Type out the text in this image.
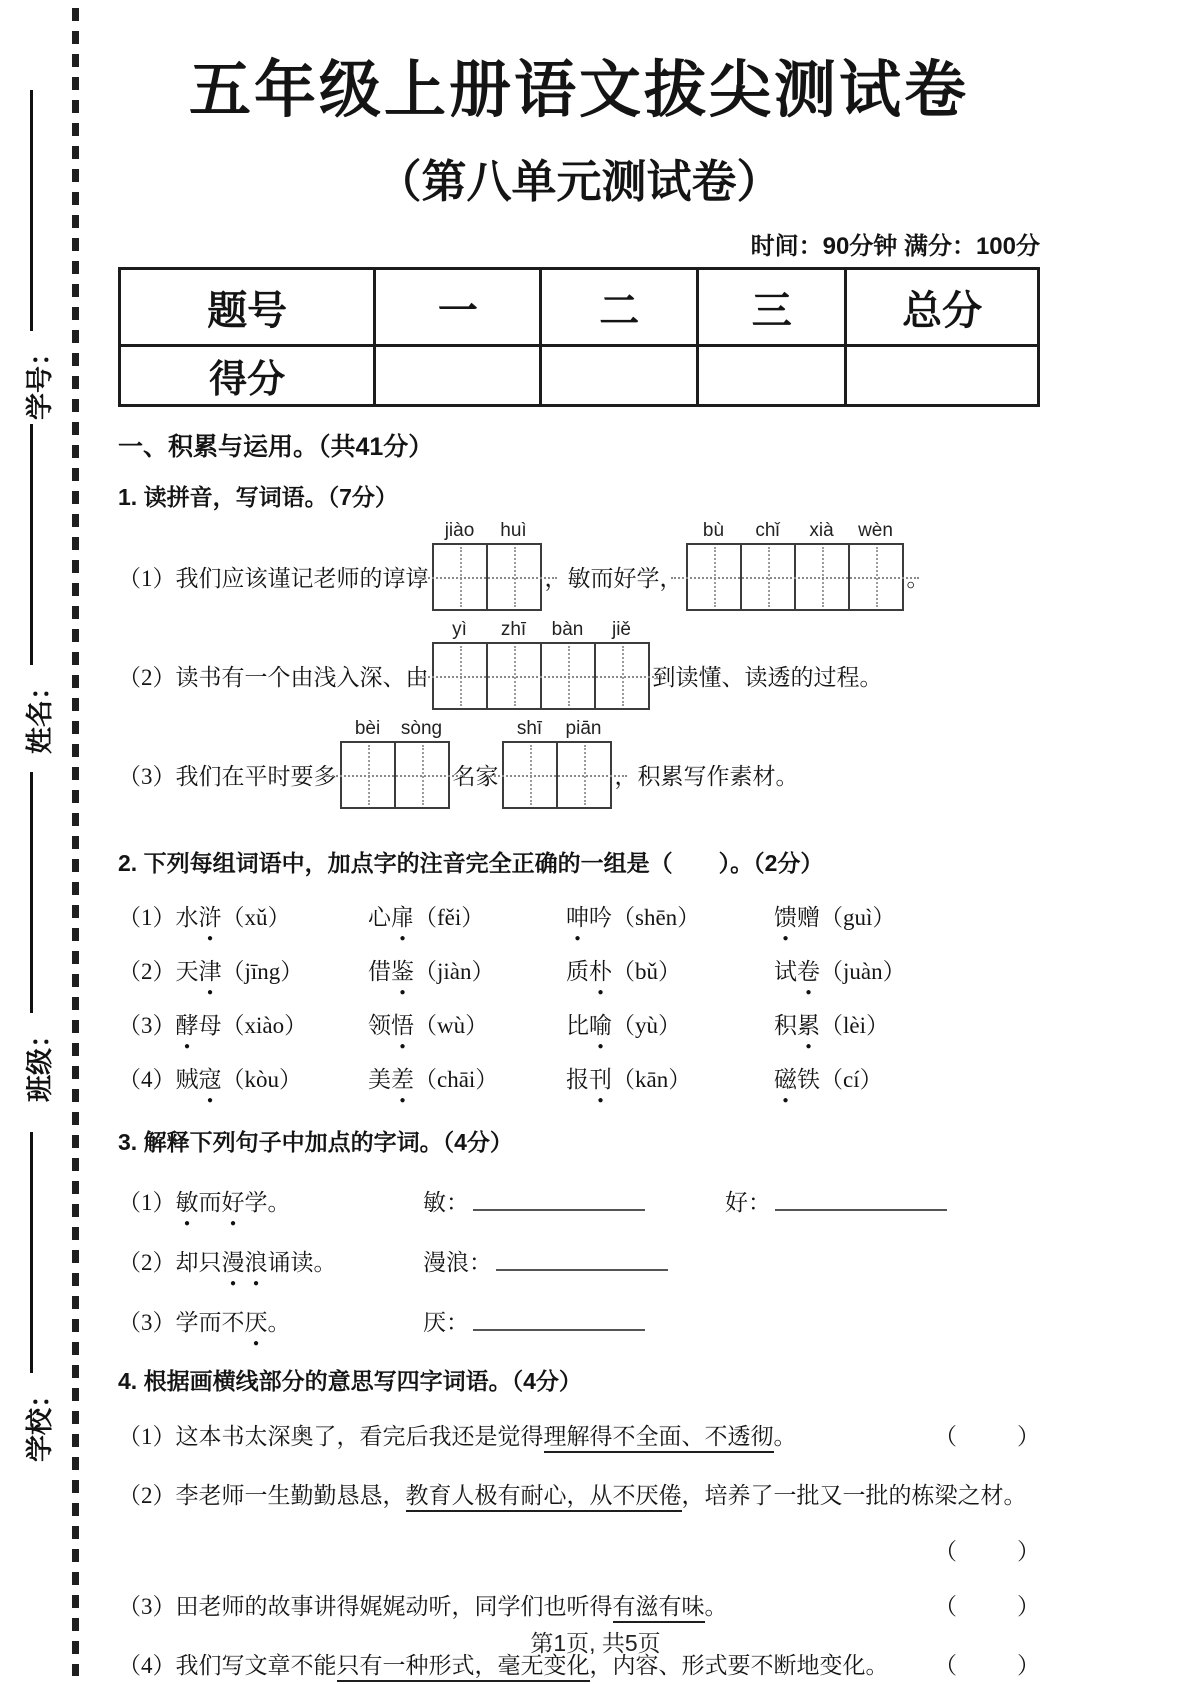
学号：
姓名：
班级：
学校：
五年级上册语文拔尖测试卷
（第八单元测试卷）
时间：90分钟 满分：100分
题号	一	二	三	总分
得分				
一、积累与运用。（共41分）
1. 读拼音，写词语。（7分）
（1）我们应该谨记老师的谆谆
jiào	huì
，敏而好学，
bù	chǐ	xià	wèn
。
（2）读书有一个由浅入深、由
yì	zhī	bàn	jiě
到读懂、读透的过程。
（3）我们在平时要多
bèi	sòng
名家
shī	piān
，积累写作素材。
2. 下列每组词语中，加点字的注音完全正确的一组是（　　）。（2分）
（1）水浒 ●（xǔ）	心扉 ●（fěi）	呻 ●吟（shēn）	馈 ●赠（guì）
（2）天津 ●（jīng）	借鉴 ●（jiàn）	质朴 ●（bǔ）	试卷 ●（juàn）
（3）酵 ●母（xiào）	领悟 ●（wù）	比喻 ●（yù）	积累 ●（lèi）
（4）贼寇 ●（kòu）	美差 ●（chāi）	报刊 ●（kān）	磁 ●铁（cí）
3. 解释下列句子中加点的字词。（4分）
（1）敏 ●而好 ●学。	敏：	好：
（2）却只漫 ●浪 ●诵读。	漫浪：
（3）学而不厌 ●。	厌：
4. 根据画横线部分的意思写四字词语。（4分）
（1）这本书太深奥了，看完后我还是觉得理解得不全面、不透彻。	（	）
（2）李老师一生勤勤恳恳，教育人极有耐心，从不厌倦，培养了一批又一批的栋梁之材。
（	）
（3）田老师的故事讲得娓娓动听，同学们也听得有滋有味。	（	）
（4）我们写文章不能只有一种形式，毫无变化，内容、形式要不断地变化。 （	）
第1页, 共5页
